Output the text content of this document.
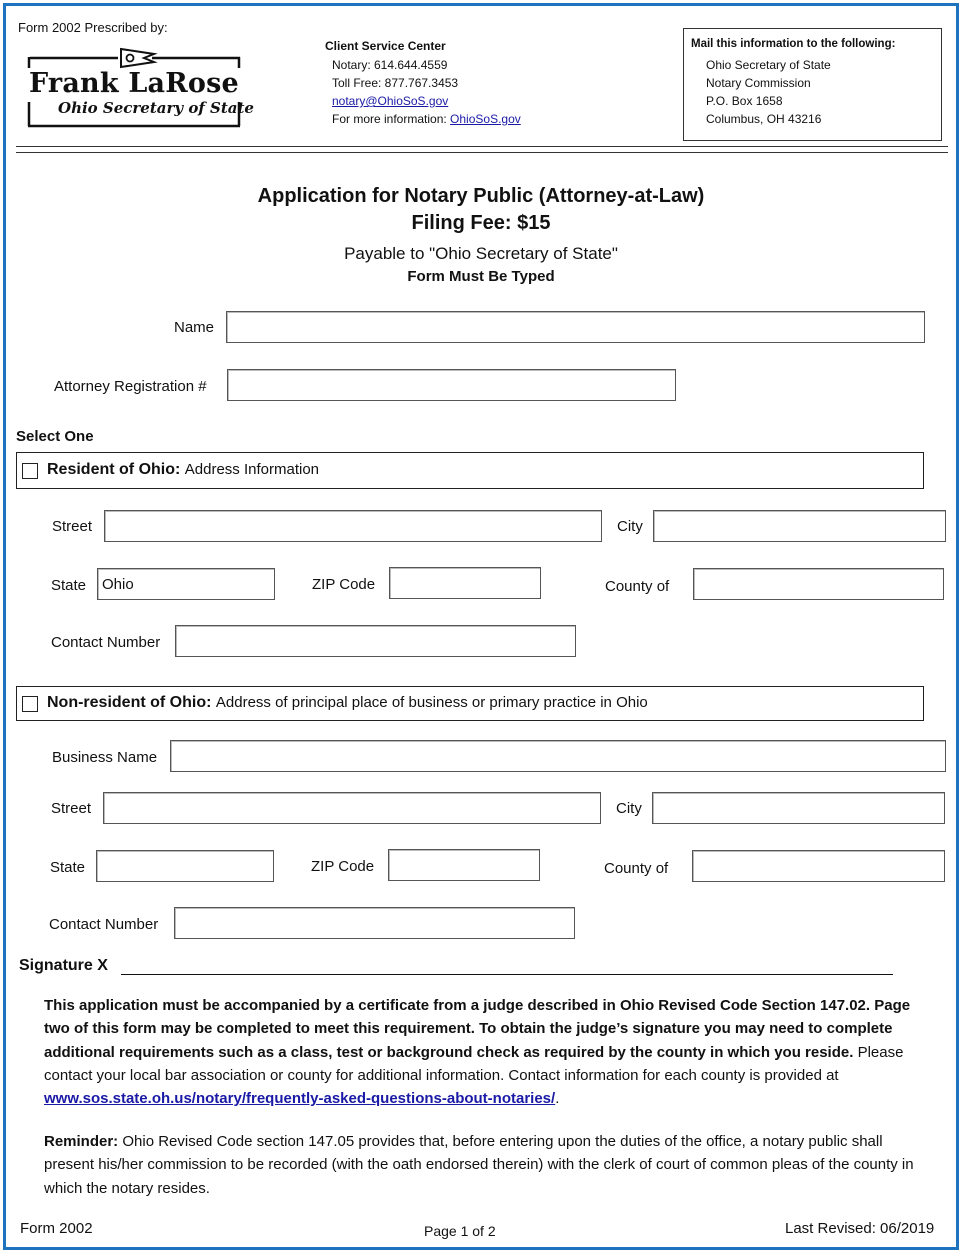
Form 2002 Prescribed by:
Frank LaRose
Ohio Secretary of State
Client Service Center
Notary: 614.644.4559
Toll Free: 877.767.3453
notary@OhioSoS.gov
For more information: OhioSoS.gov
Mail this information to the following:
Ohio Secretary of State
Notary Commission
P.O. Box 1658
Columbus, OH 43216
Application for Notary Public (Attorney-at-Law)
Filing Fee: $15
Payable to "Ohio Secretary of State"
Form Must Be Typed
Name
Attorney Registration #
Select One
Resident of Ohio: Address Information
Street	City
State Ohio	ZIP Code	County of
Contact Number
Non-resident of Ohio: Address of principal place of business or primary practice in Ohio
Business Name
Street	City
State	ZIP Code	County of
Contact Number
Signature X
This application must be accompanied by a certificate from a judge described in Ohio Revised Code Section 147.02. Page two of this form may be completed to meet this requirement. To obtain the judge’s signature you may need to complete additional requirements such as a class, test or background check as required by the county in which you reside. Please contact your local bar association or county for additional information. Contact information for each county is provided at www.sos.state.oh.us/notary/frequently-asked-questions-about-notaries/.
Reminder: Ohio Revised Code section 147.05 provides that, before entering upon the duties of the office, a notary public shall present his/her commission to be recorded (with the oath endorsed therein) with the clerk of court of common pleas of the county in which the notary resides.
Form 2002	Page 1 of 2	Last Revised: 06/2019
